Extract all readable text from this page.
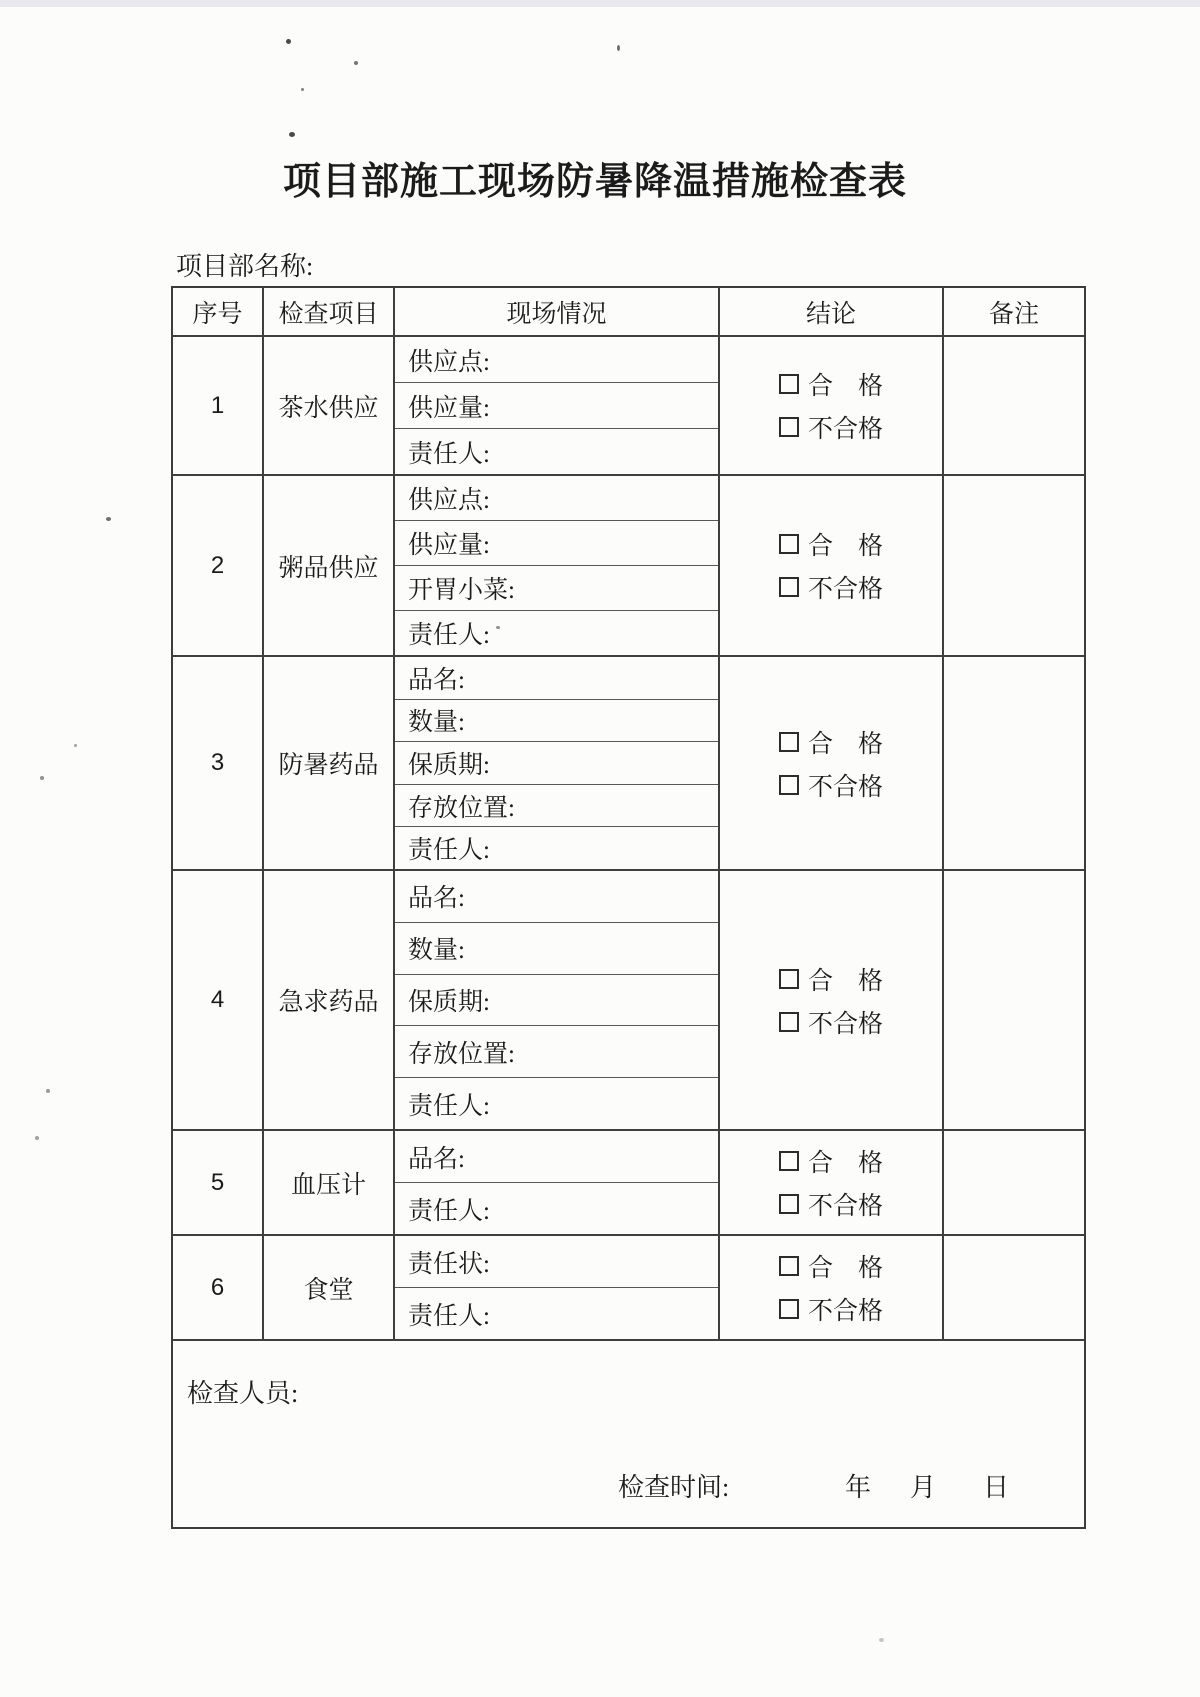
项目部施工现场防暑降温措施检查表
项目部名称:
序号	检查项目	现场情况	结论	备注
1	茶水供应
供应点:
供应量:
责任人:
合　格
不合格
2	粥品供应
供应点:
供应量:
开胃小菜:
责任人:
合　格
不合格
3	防暑药品
品名:
数量:
保质期:
存放位置:
责任人:
合　格
不合格
4	急求药品
品名:
数量:
保质期:
存放位置:
责任人:
合　格
不合格
5	血压计
品名:
责任人:
合　格
不合格
6	食堂
责任状:
责任人:
合　格
不合格
检查人员:
检查时间:	年 月 日
